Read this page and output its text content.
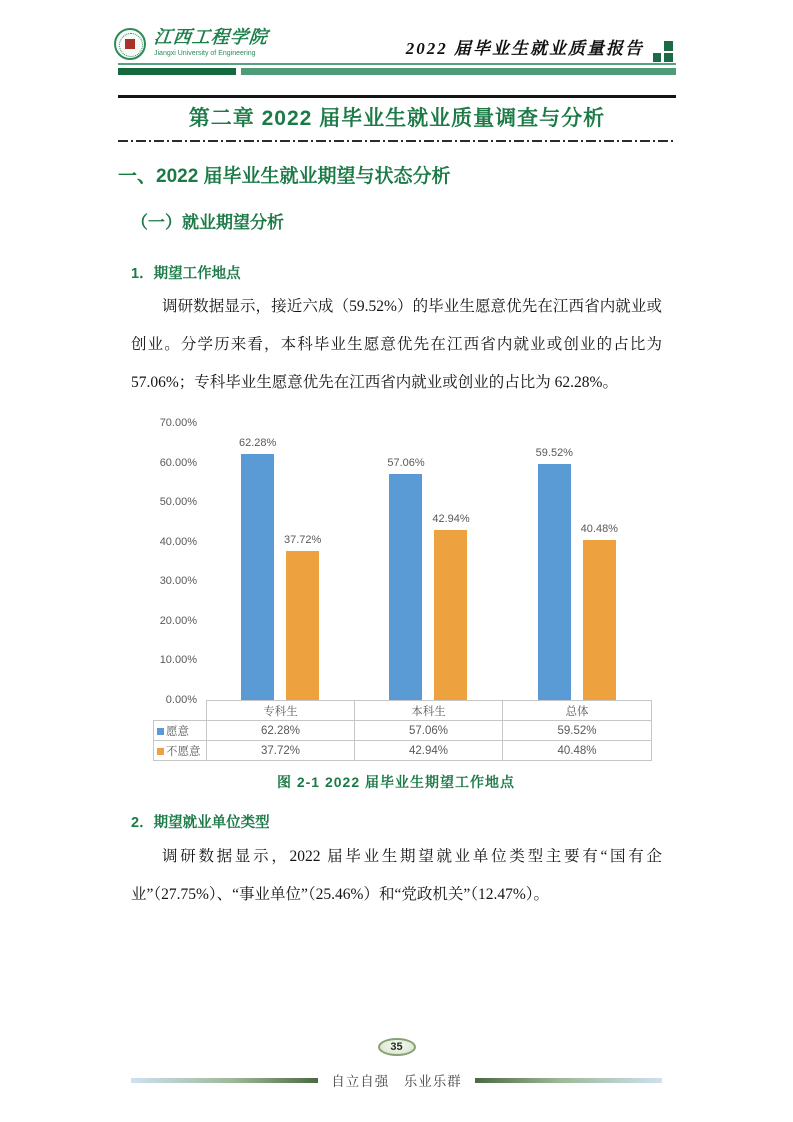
江西工程学院
Jiangxi University of Engineering	2022 届毕业生就业质量报告
第二章 2022 届毕业生就业质量调查与分析
一、2022 届毕业生就业期望与状态分析
（一）就业期望分析
1．期望工作地点
调研数据显示，接近六成（59.52%）的毕业生愿意优先在江西省内就业或创业。分学历来看，本科毕业生愿意优先在江西省内就业或创业的占比为 57.06%；专科毕业生愿意优先在江西省内就业或创业的占比为 62.28%。
0.00%
10.00%
20.00%
30.00%
40.00%
50.00%
60.00%
70.00%
62.28%
37.72%
57.06%
42.94%
59.52%
40.48%
	专科生	本科生	总体
愿意	62.28%	57.06%	59.52%
不愿意	37.72%	42.94%	40.48%
图 2-1 2022 届毕业生期望工作地点
2．期望就业单位类型
调研数据显示，2022 届毕业生期望就业单位类型主要有“国有企业”（27.75%）、“事业单位”（25.46%）和“党政机关”（12.47%）。
35
自立自强　乐业乐群
